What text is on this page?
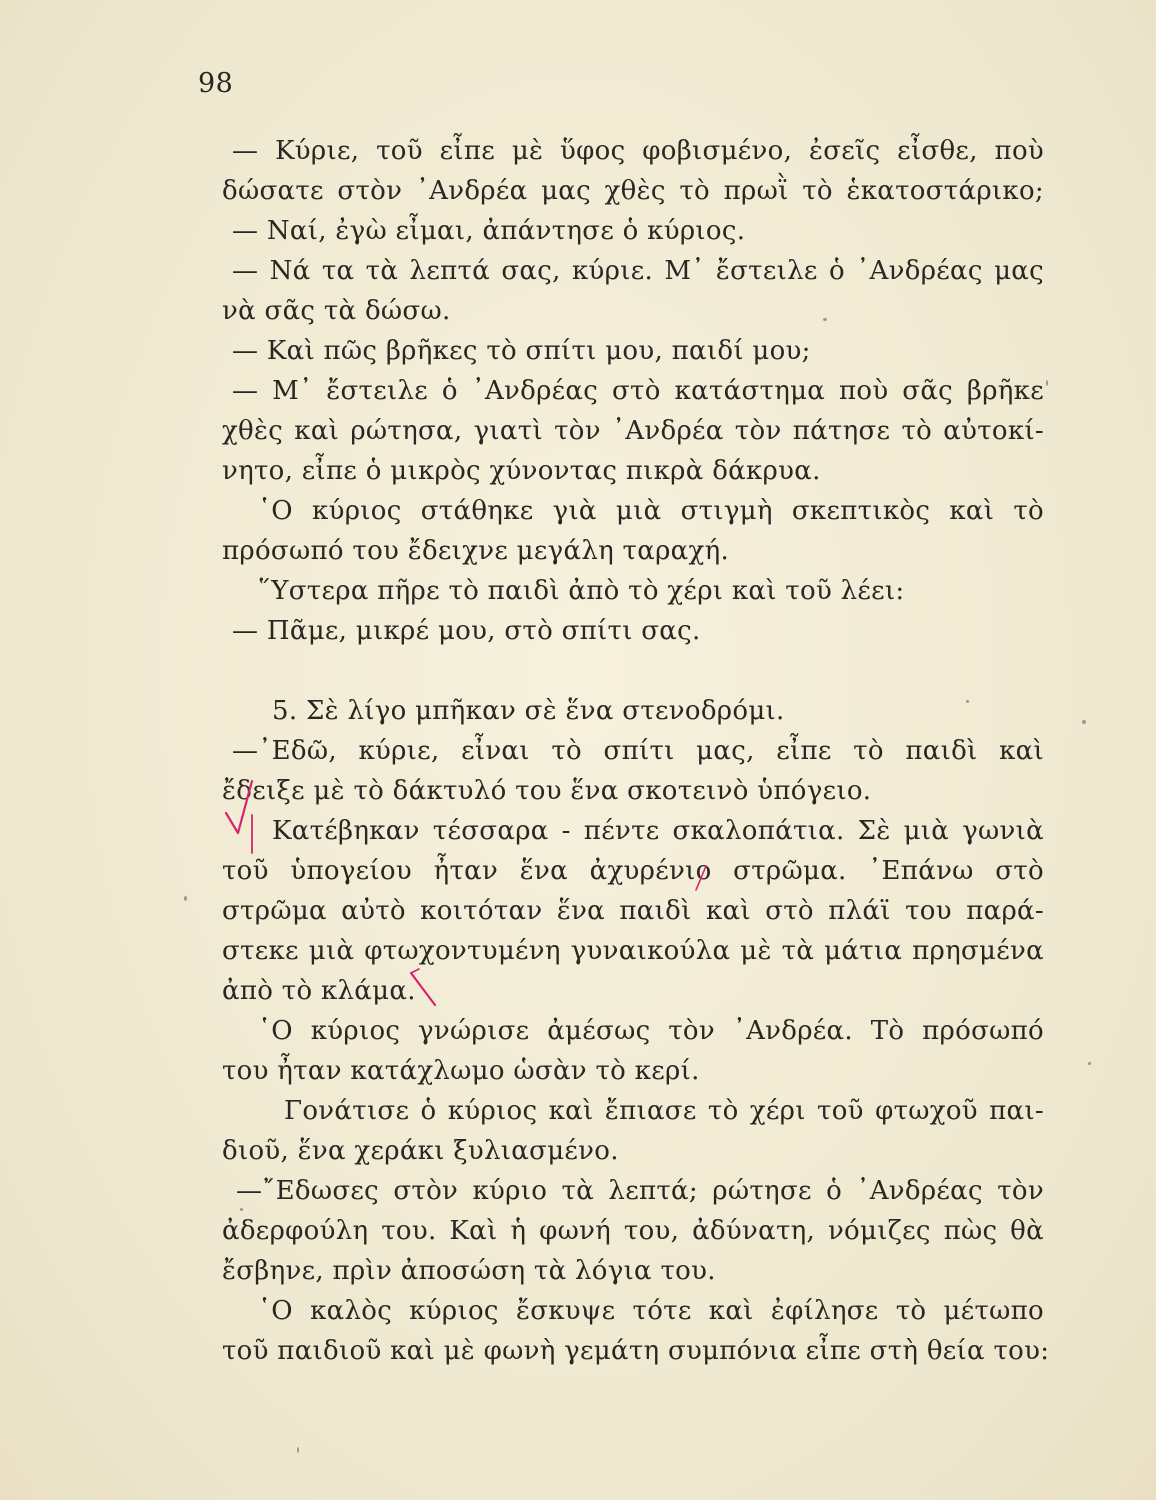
98
— Κύριε, τοῦ εἶπε μὲ ὕφος φοβισμένο, ἐσεῖς εἶσθε, ποὺ
δώσατε στὸν ᾿Ανδρέα μας χθὲς τὸ πρωῒ τὸ ἑκατοστάρικο;
— Ναί, ἐγὼ εἶμαι, ἀπάντησε ὁ κύριος.
— Νά τα τὰ λεπτά σας, κύριε. Μ᾿ ἔστειλε ὁ ᾿Ανδρέας μας
νὰ σᾶς τὰ δώσω.
— Καὶ πῶς βρῆκες τὸ σπίτι μου, παιδί μου;
— Μ᾿ ἔστειλε ὁ ᾿Ανδρέας στὸ κατάστημα ποὺ σᾶς βρῆκε
χθὲς καὶ ρώτησα, γιατὶ τὸν ᾿Ανδρέα τὸν πάτησε τὸ αὐτοκί-
νητο, εἶπε ὁ μικρὸς χύνοντας πικρὰ δάκρυα.
῾Ο κύριος στάθηκε γιὰ μιὰ στιγμὴ σκεπτικὸς καὶ τὸ
πρόσωπό του ἔδειχνε μεγάλη ταραχή.
῞Υστερα πῆρε τὸ παιδὶ ἀπὸ τὸ χέρι καὶ τοῦ λέει:
— Πᾶμε, μικρέ μου, στὸ σπίτι σας.
5. Σὲ λίγο μπῆκαν σὲ ἕνα στενοδρόμι.
—᾿Εδῶ, κύριε, εἶναι τὸ σπίτι μας, εἶπε τὸ παιδὶ καὶ
ἔδειξε μὲ τὸ δάκτυλό του ἕνα σκοτεινὸ ὑπόγειο.
Κατέβηκαν τέσσαρα - πέντε σκαλοπάτια. Σὲ μιὰ γωνιὰ
τοῦ ὑπογείου ἦταν ἕνα ἀχυρένιο στρῶμα. ᾿Επάνω στὸ
στρῶμα αὐτὸ κοιτόταν ἕνα παιδὶ καὶ στὸ πλάϊ του παρά-
στεκε μιὰ φτωχοντυμένη γυναικούλα μὲ τὰ μάτια πρησμένα
ἀπὸ τὸ κλάμα.
῾Ο κύριος γνώρισε ἀμέσως τὸν ᾿Ανδρέα. Τὸ πρόσωπό
του ἦταν κατάχλωμο ὡσὰν τὸ κερί.
Γονάτισε ὁ κύριος καὶ ἔπιασε τὸ χέρι τοῦ φτωχοῦ παι-
διοῦ, ἕνα χεράκι ξυλιασμένο.
—῎Εδωσες στὸν κύριο τὰ λεπτά; ρώτησε ὁ ᾿Ανδρέας τὸν
ἀδερφούλη του. Καὶ ἡ φωνή του, ἀδύνατη, νόμιζες πὼς θὰ
ἔσβηνε, πρὶν ἀποσώση τὰ λόγια του.
῾Ο καλὸς κύριος ἔσκυψε τότε καὶ ἐφίλησε τὸ μέτωπο
τοῦ παιδιοῦ καὶ μὲ φωνὴ γεμάτη συμπόνια εἶπε στὴ θεία του:
